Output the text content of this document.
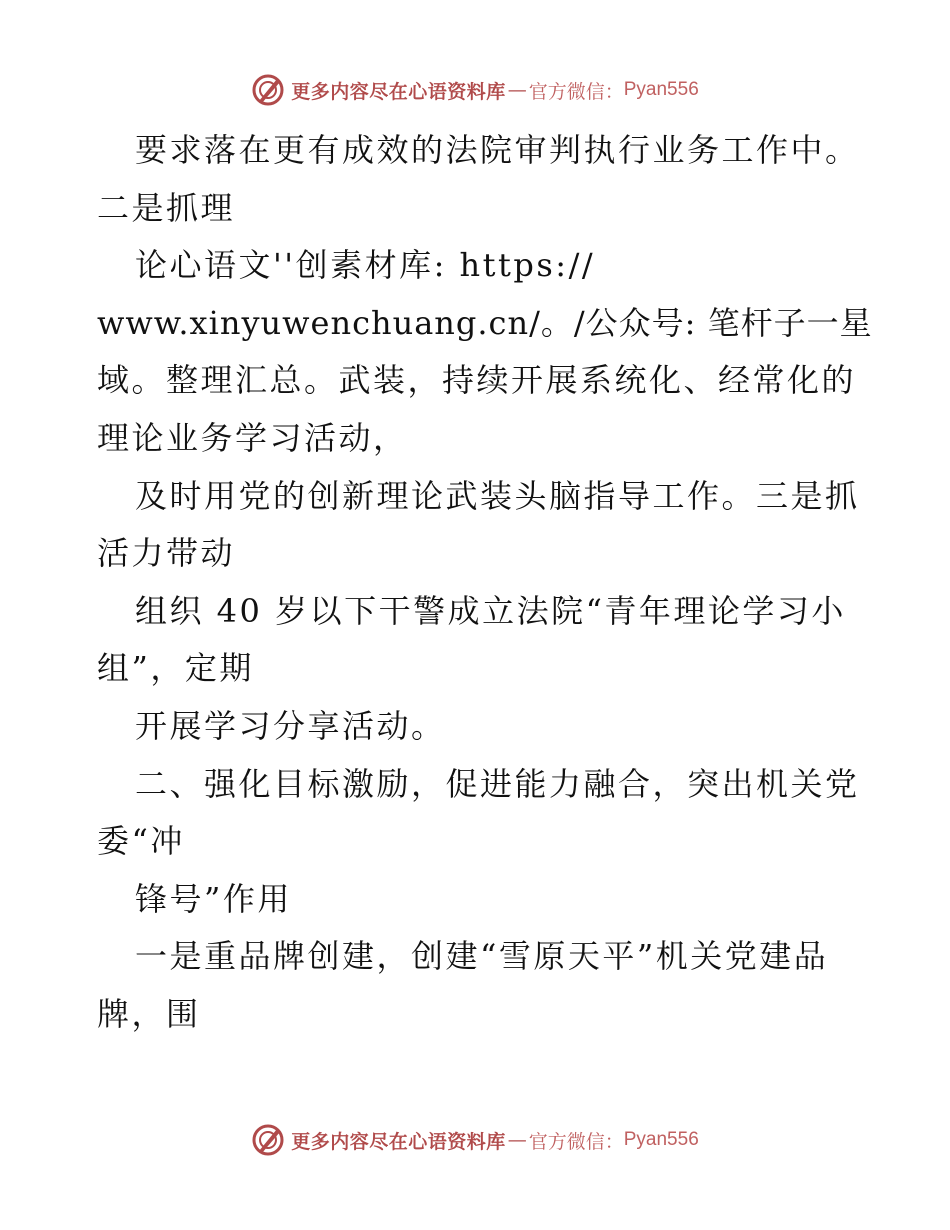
更多内容尽在心语资料库 — 官方微信： Pyan556
要求落在更有成效的法院审判执行业务工作中。
二是抓理
论心语文''创素材库: https://
www.xinyuwenchuang.cn/。/公众号: 笔杆子一星
域。整理汇总。武装，持续开展系统化、经常化的
理论业务学习活动，
及时用党的创新理论武装头脑指导工作。三是抓
活力带动
组织 40 岁以下干警成立法院“青年理论学习小
组”，定期
开展学习分享活动。
二、强化目标激励，促进能力融合，突出机关党
委“冲
锋号”作用
一是重品牌创建，创建“雪原天平”机关党建品
牌，围
更多内容尽在心语资料库 — 官方微信： Pyan556
